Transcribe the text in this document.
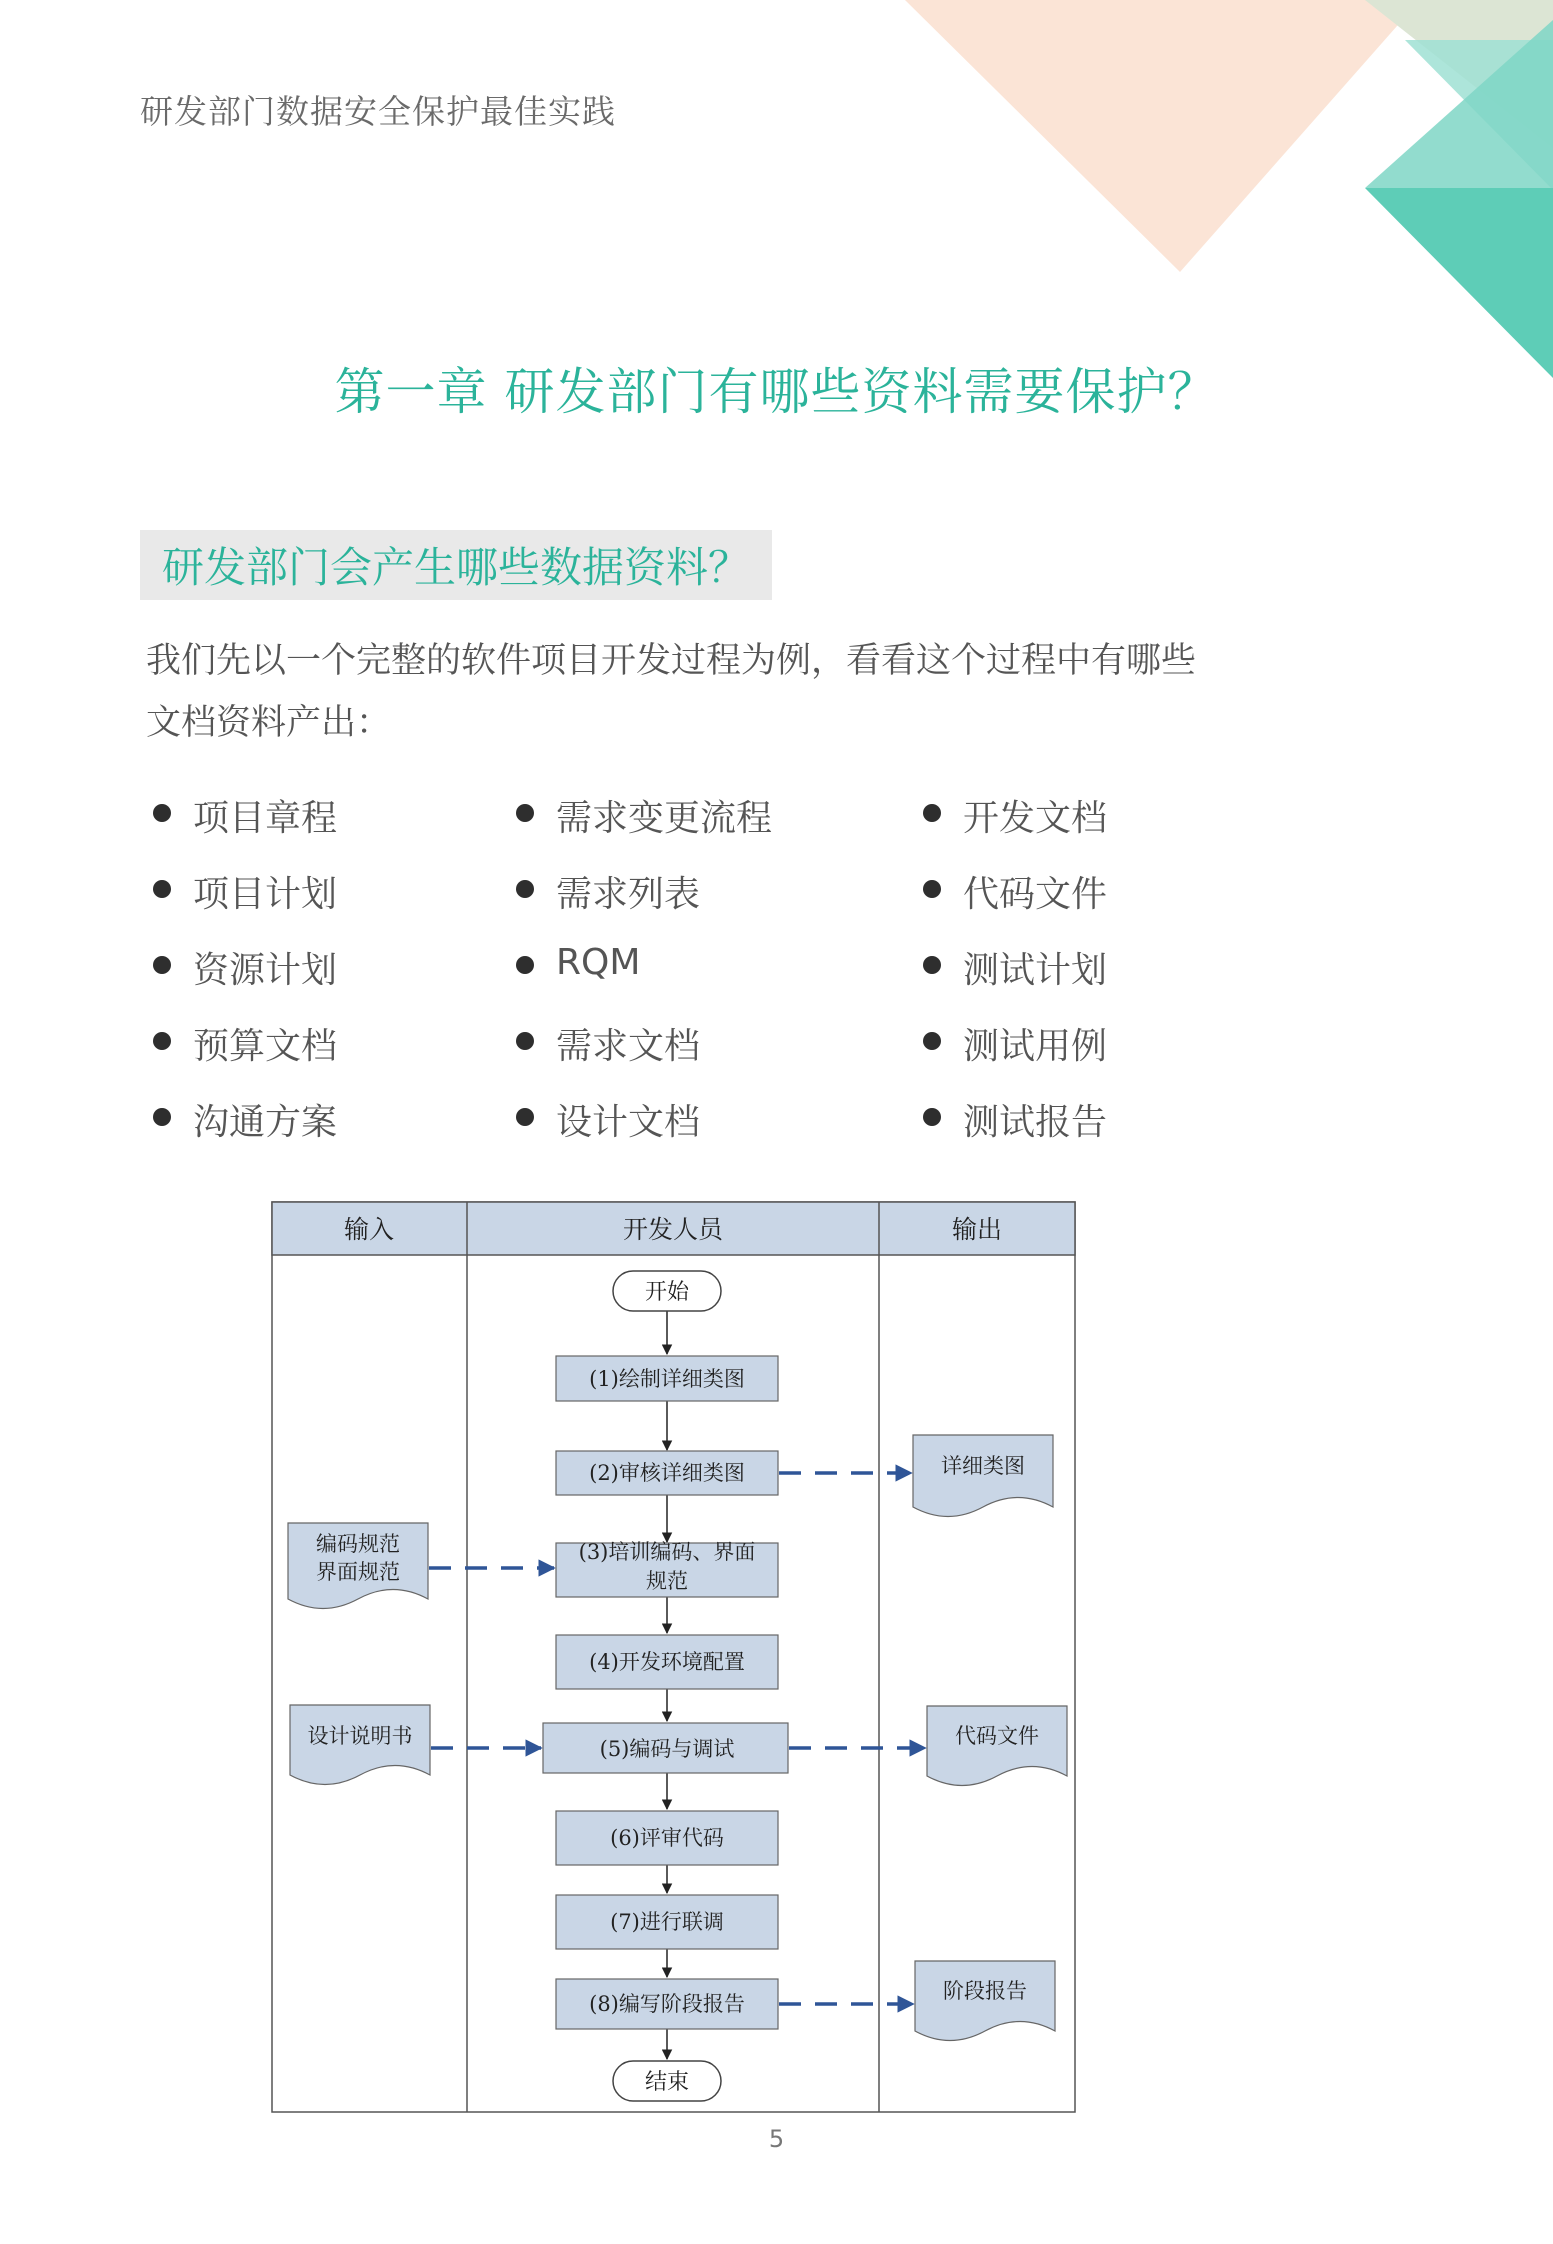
研发部门数据安全保护最佳实践
第一章 研发部门有哪些资料需要保护？
研发部门会产生哪些数据资料？

我们先以一个完整的软件项目开发过程为例，看看这个过程中有哪些

文档资料产出：

项目章程
项目计划
资源计划
预算文档
沟通方案
需求变更流程
需求列表
RQM
需求文档
设计文档
开发文档
代码文件
测试计划
测试用例
测试报告
输入	开发人员	输出
开始
结束
(1)绘制详细类图
(2)审核详细类图
(3)培训编码、界面
规范
(4)开发环境配置
(5)编码与调试
(6)评审代码
(7)进行联调
(8)编写阶段报告
编码规范
界面规范
设计说明书
详细类图
代码文件
阶段报告
5
